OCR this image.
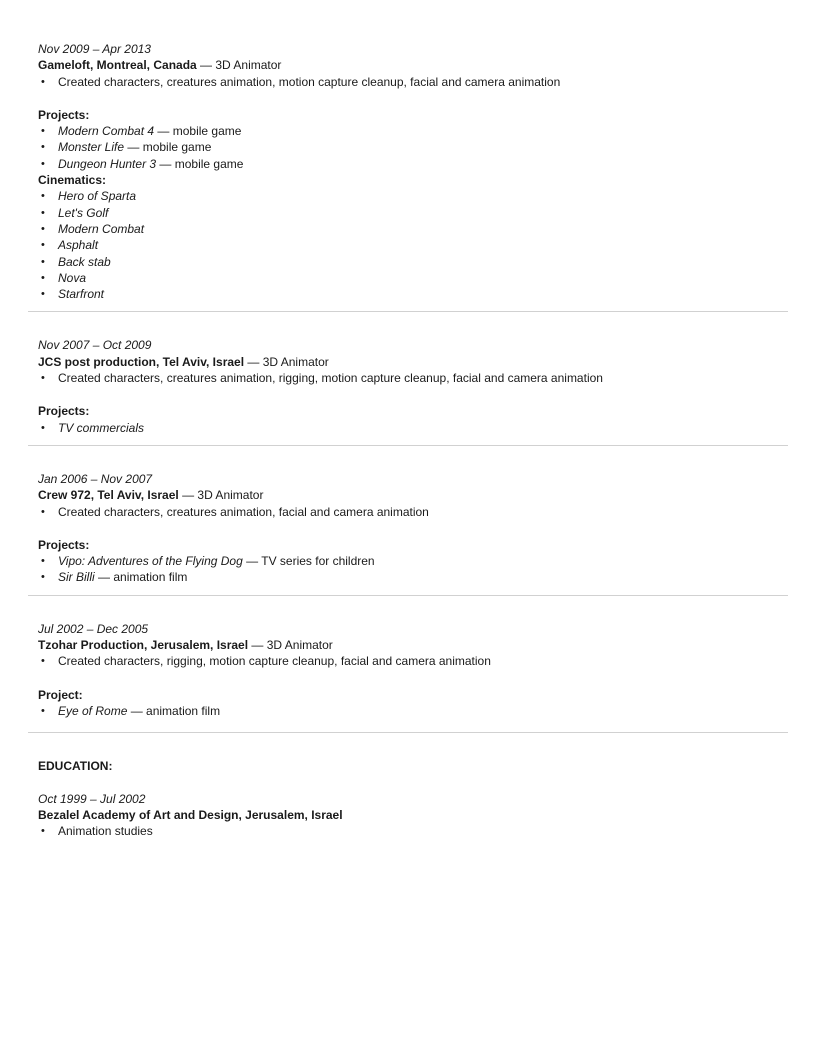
Nov 2009 – Apr 2013
Gameloft, Montreal, Canada — 3D Animator
•	Created characters, creatures animation, motion capture cleanup, facial and camera animation
Projects:
•	Modern Combat 4 — mobile game
•	Monster Life — mobile game
•	Dungeon Hunter 3 — mobile game
Cinematics:
•	Hero of Sparta
•	Let's Golf
•	Modern Combat
•	Asphalt
•	Back stab
•	Nova
•	Starfront
Nov 2007 – Oct 2009
JCS post production, Tel Aviv, Israel — 3D Animator
•	Created characters, creatures animation, rigging, motion capture cleanup, facial and camera animation
Projects:
•	TV commercials
Jan 2006 – Nov 2007
Crew 972, Tel Aviv, Israel — 3D Animator
•	Created characters, creatures animation, facial and camera animation
Projects:
•	Vipo: Adventures of the Flying Dog — TV series for children
•	Sir Billi — animation film
Jul 2002 – Dec 2005
Tzohar Production, Jerusalem, Israel — 3D Animator
•	Created characters, rigging, motion capture cleanup, facial and camera animation
Project:
•	Eye of Rome — animation film
EDUCATION:
Oct 1999 – Jul 2002
Bezalel Academy of Art and Design, Jerusalem, Israel
•	Animation studies
